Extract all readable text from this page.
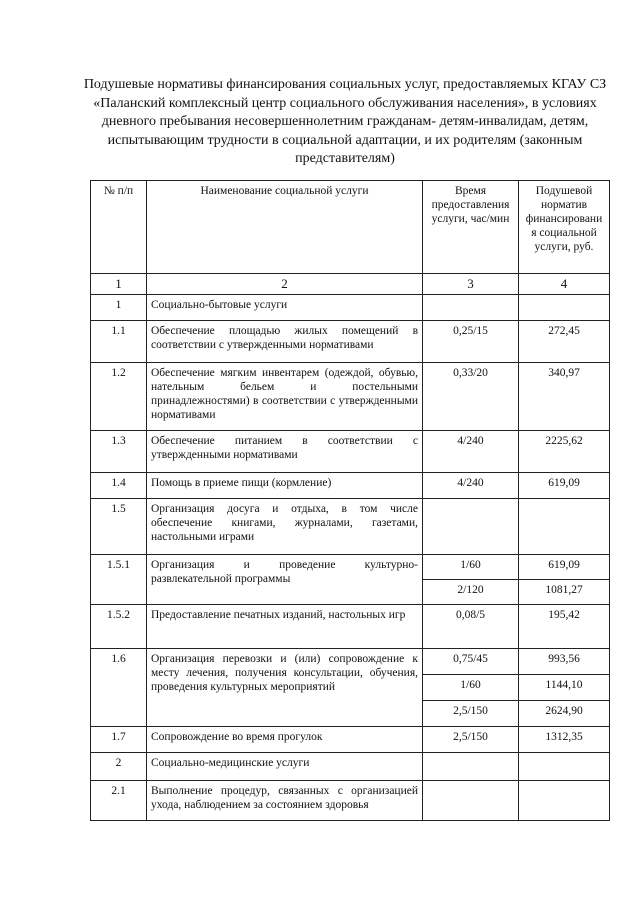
Подушевые нормативы финансирования социальных услуг, предоставляемых КГАУ СЗ «Паланский комплексный центр социального обслуживания населения», в условиях дневного пребывания несовершеннолетним гражданам- детям-инвалидам, детям, испытывающим трудности в социальной адаптации, и их родителям (законным представителям)
№ п/п	Наименование социальной услуги	Время предоставления услуги, час/мин	Подушевой норматив финансировани я социальной услуги, руб.
1	2	3	4
1	Социально-бытовые услуги		
1.1	Обеспечение площадью жилых помещений в соответствии с утвержденными нормативами	0,25/15	272,45
1.2	Обеспечение мягким инвентарем (одеждой, обувью, нательным бельем и постельными принадлежностями) в соответствии с утвержденными нормативами	0,33/20	340,97
1.3	Обеспечение питанием в соответствии с утвержденными нормативами	4/240	2225,62
1.4	Помощь в приеме пищи (кормление)	4/240	619,09
1.5	Организация досуга и отдыха, в том числе обеспечение книгами, журналами, газетами, настольными играми		
1.5.1	Организация и проведение культурно-развлекательной программы	1/60	619,09
		2/120	1081,27
1.5.2	Предоставление печатных изданий, настольных игр	0,08/5	195,42
1.6	Организация перевозки и (или) сопровождение к месту лечения, получения консультации, обучения, проведения культурных мероприятий	0,75/45	993,56
		1/60	1144,10
		2,5/150	2624,90
1.7	Сопровождение во время прогулок	2,5/150	1312,35
2	Социально-медицинские услуги		
2.1	Выполнение процедур, связанных с организацией ухода, наблюдением за состоянием здоровья		
